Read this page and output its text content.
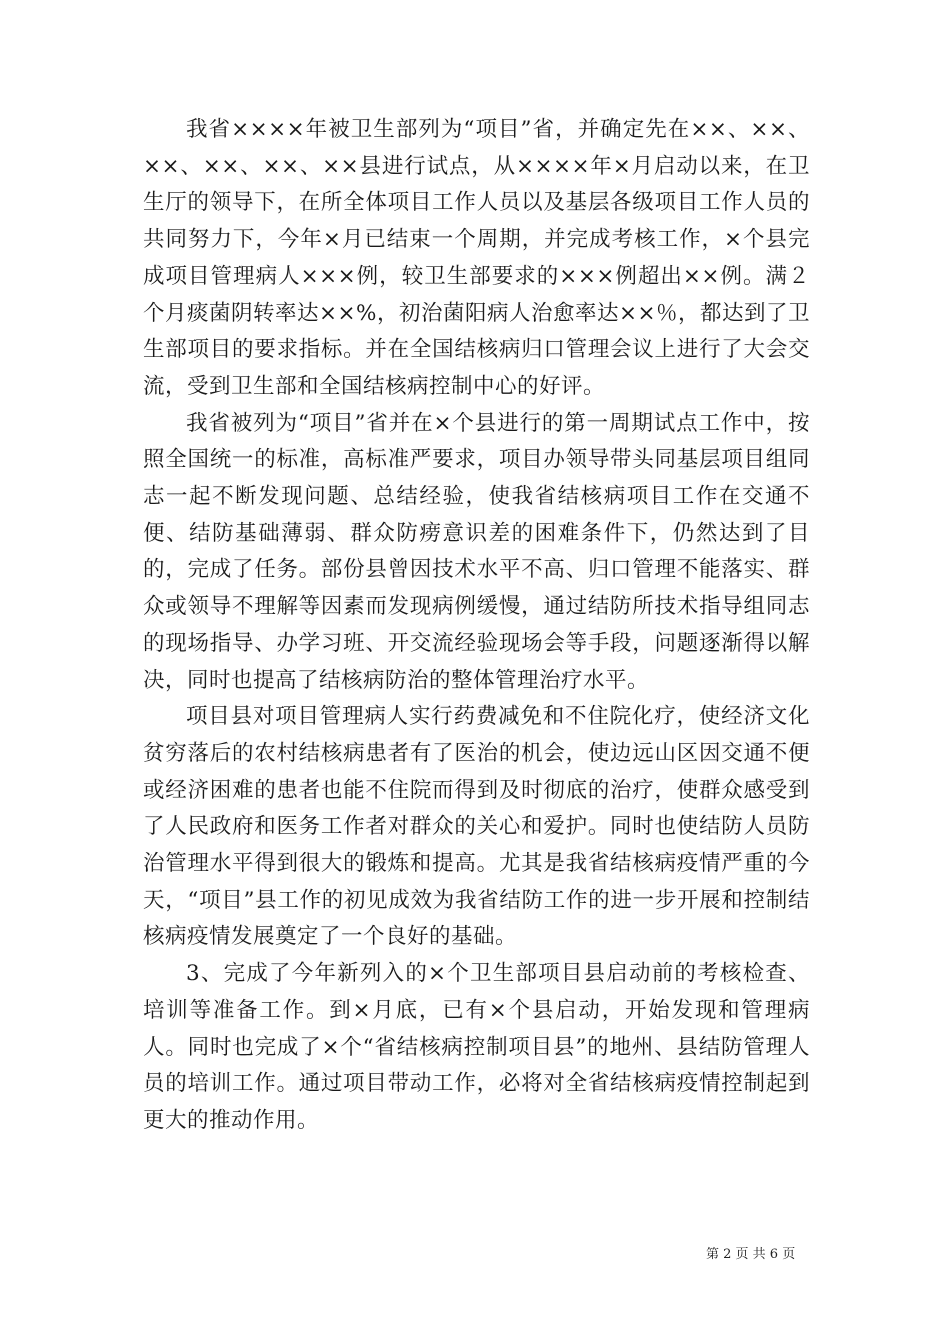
我省××××年被卫生部列为“项目”省，并确定先在××、××、××、××、××、××县进行试点，从××××年×月启动以来，在卫生厅的领导下，在所全体项目工作人员以及基层各级项目工作人员的共同努力下，今年×月已结束一个周期，并完成考核工作，×个县完成项目管理病人×××例，较卫生部要求的×××例超出××例。满２个月痰菌阴转率达××%，初治菌阳病人治愈率达××％，都达到了卫生部项目的要求指标。并在全国结核病归口管理会议上进行了大会交流，受到卫生部和全国结核病控制中心的好评。

我省被列为“项目”省并在×个县进行的第一周期试点工作中，按照全国统一的标准，高标准严要求，项目办领导带头同基层项目组同志一起不断发现问题、总结经验，使我省结核病项目工作在交通不便、结防基础薄弱、群众防痨意识差的困难条件下，仍然达到了目的，完成了任务。部份县曾因技术水平不高、归口管理不能落实、群众或领导不理解等因素而发现病例缓慢，通过结防所技术指导组同志的现场指导、办学习班、开交流经验现场会等手段，问题逐渐得以解决，同时也提高了结核病防治的整体管理治疗水平。

项目县对项目管理病人实行药费减免和不住院化疗，使经济文化贫穷落后的农村结核病患者有了医治的机会，使边远山区因交通不便或经济困难的患者也能不住院而得到及时彻底的治疗，使群众感受到了人民政府和医务工作者对群众的关心和爱护。同时也使结防人员防治管理水平得到很大的锻炼和提高。尤其是我省结核病疫情严重的今天，“项目”县工作的初见成效为我省结防工作的进一步开展和控制结核病疫情发展奠定了一个良好的基础。

3、完成了今年新列入的×个卫生部项目县启动前的考核检查、培训等准备工作。到×月底，已有×个县启动，开始发现和管理病人。同时也完成了×个“省结核病控制项目县”的地州、县结防管理人员的培训工作。通过项目带动工作，必将对全省结核病疫情控制起到更大的推动作用。

第 2 页 共 6 页
